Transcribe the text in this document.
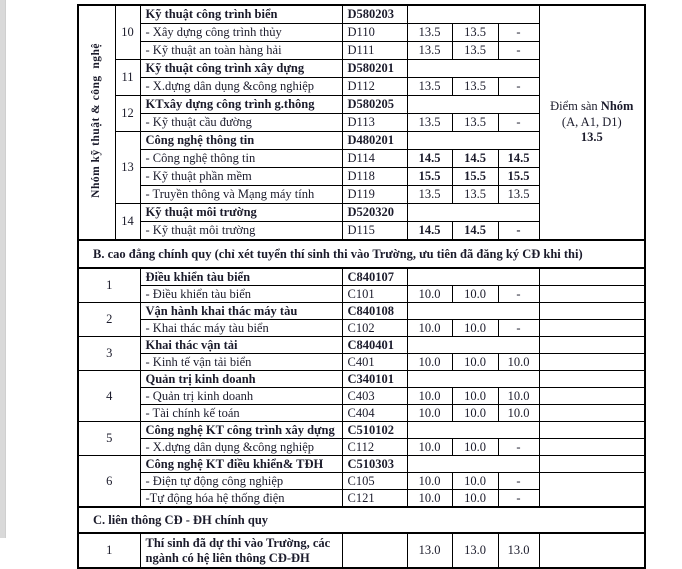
Nhóm kỹ thuật & công  nghệ	10	Kỹ thuật công trình biển	D580203				Điểm sàn Nhóm
(A, A1, D1)
13.5

		- Xây dựng công trình thủy	D110	13.5	13.5	-	
		- Kỹ thuật an toàn hàng hải	D111	13.5	13.5	-	
	11	Kỹ thuật công trình xây dựng	D580201				
		- X.dựng dân dụng &công nghiệp	D112	13.5	13.5	-	
	12	KTxây dựng công trình g.thông	D580205				
		- Kỹ thuật cầu đường	D113	13.5	13.5	-	
	13	Công nghệ thông tin	D480201				
		- Công nghệ thông tin	D114	14.5	14.5	14.5	
		- Kỹ thuật phần mềm	D118	15.5	15.5	15.5	
		- Truyền thông và Mạng máy tính	D119	13.5	13.5	13.5	
	14	Kỹ thuật môi trường	D520320				
		- Kỹ thuật môi trường	D115	14.5	14.5	-	
B. cao đẳng chính quy (chỉ xét tuyển thí sinh thi vào Trường, ưu tiên đã đăng ký CĐ khi thi)							
1		Điều khiển tàu biển	C840107				
		- Điều khiển tàu biển	C101	10.0	10.0	-	
2		Vận hành khai thác máy tàu	C840108				
		- Khai thác máy tàu biển	C102	10.0	10.0	-	
3		Khai thác vận tải	C840401				
		- Kinh tế vận tải biển	C401	10.0	10.0	10.0	
4		Quản trị kinh doanh	C340101				
		- Quản trị kinh doanh	C403	10.0	10.0	10.0	
		- Tài chính kế toán	C404	10.0	10.0	10.0	
5		Công nghệ KT công trình xây dựng	C510102				
		- X.dựng dân dụng &công nghiệp	C112	10.0	10.0	-	
6		Công nghệ KT điều khiển& TĐH	C510303				
		- Điện tự động công nghiệp	C105	10.0	10.0	-	
		-Tự động hóa hệ thống điện	C121	10.0	10.0	-	
C. liên thông CĐ - ĐH chính quy							
1		Thí sinh đã dự thi vào Trường, các ngành có hệ liên thông CĐ-ĐH		13.0	13.0	13.0	
